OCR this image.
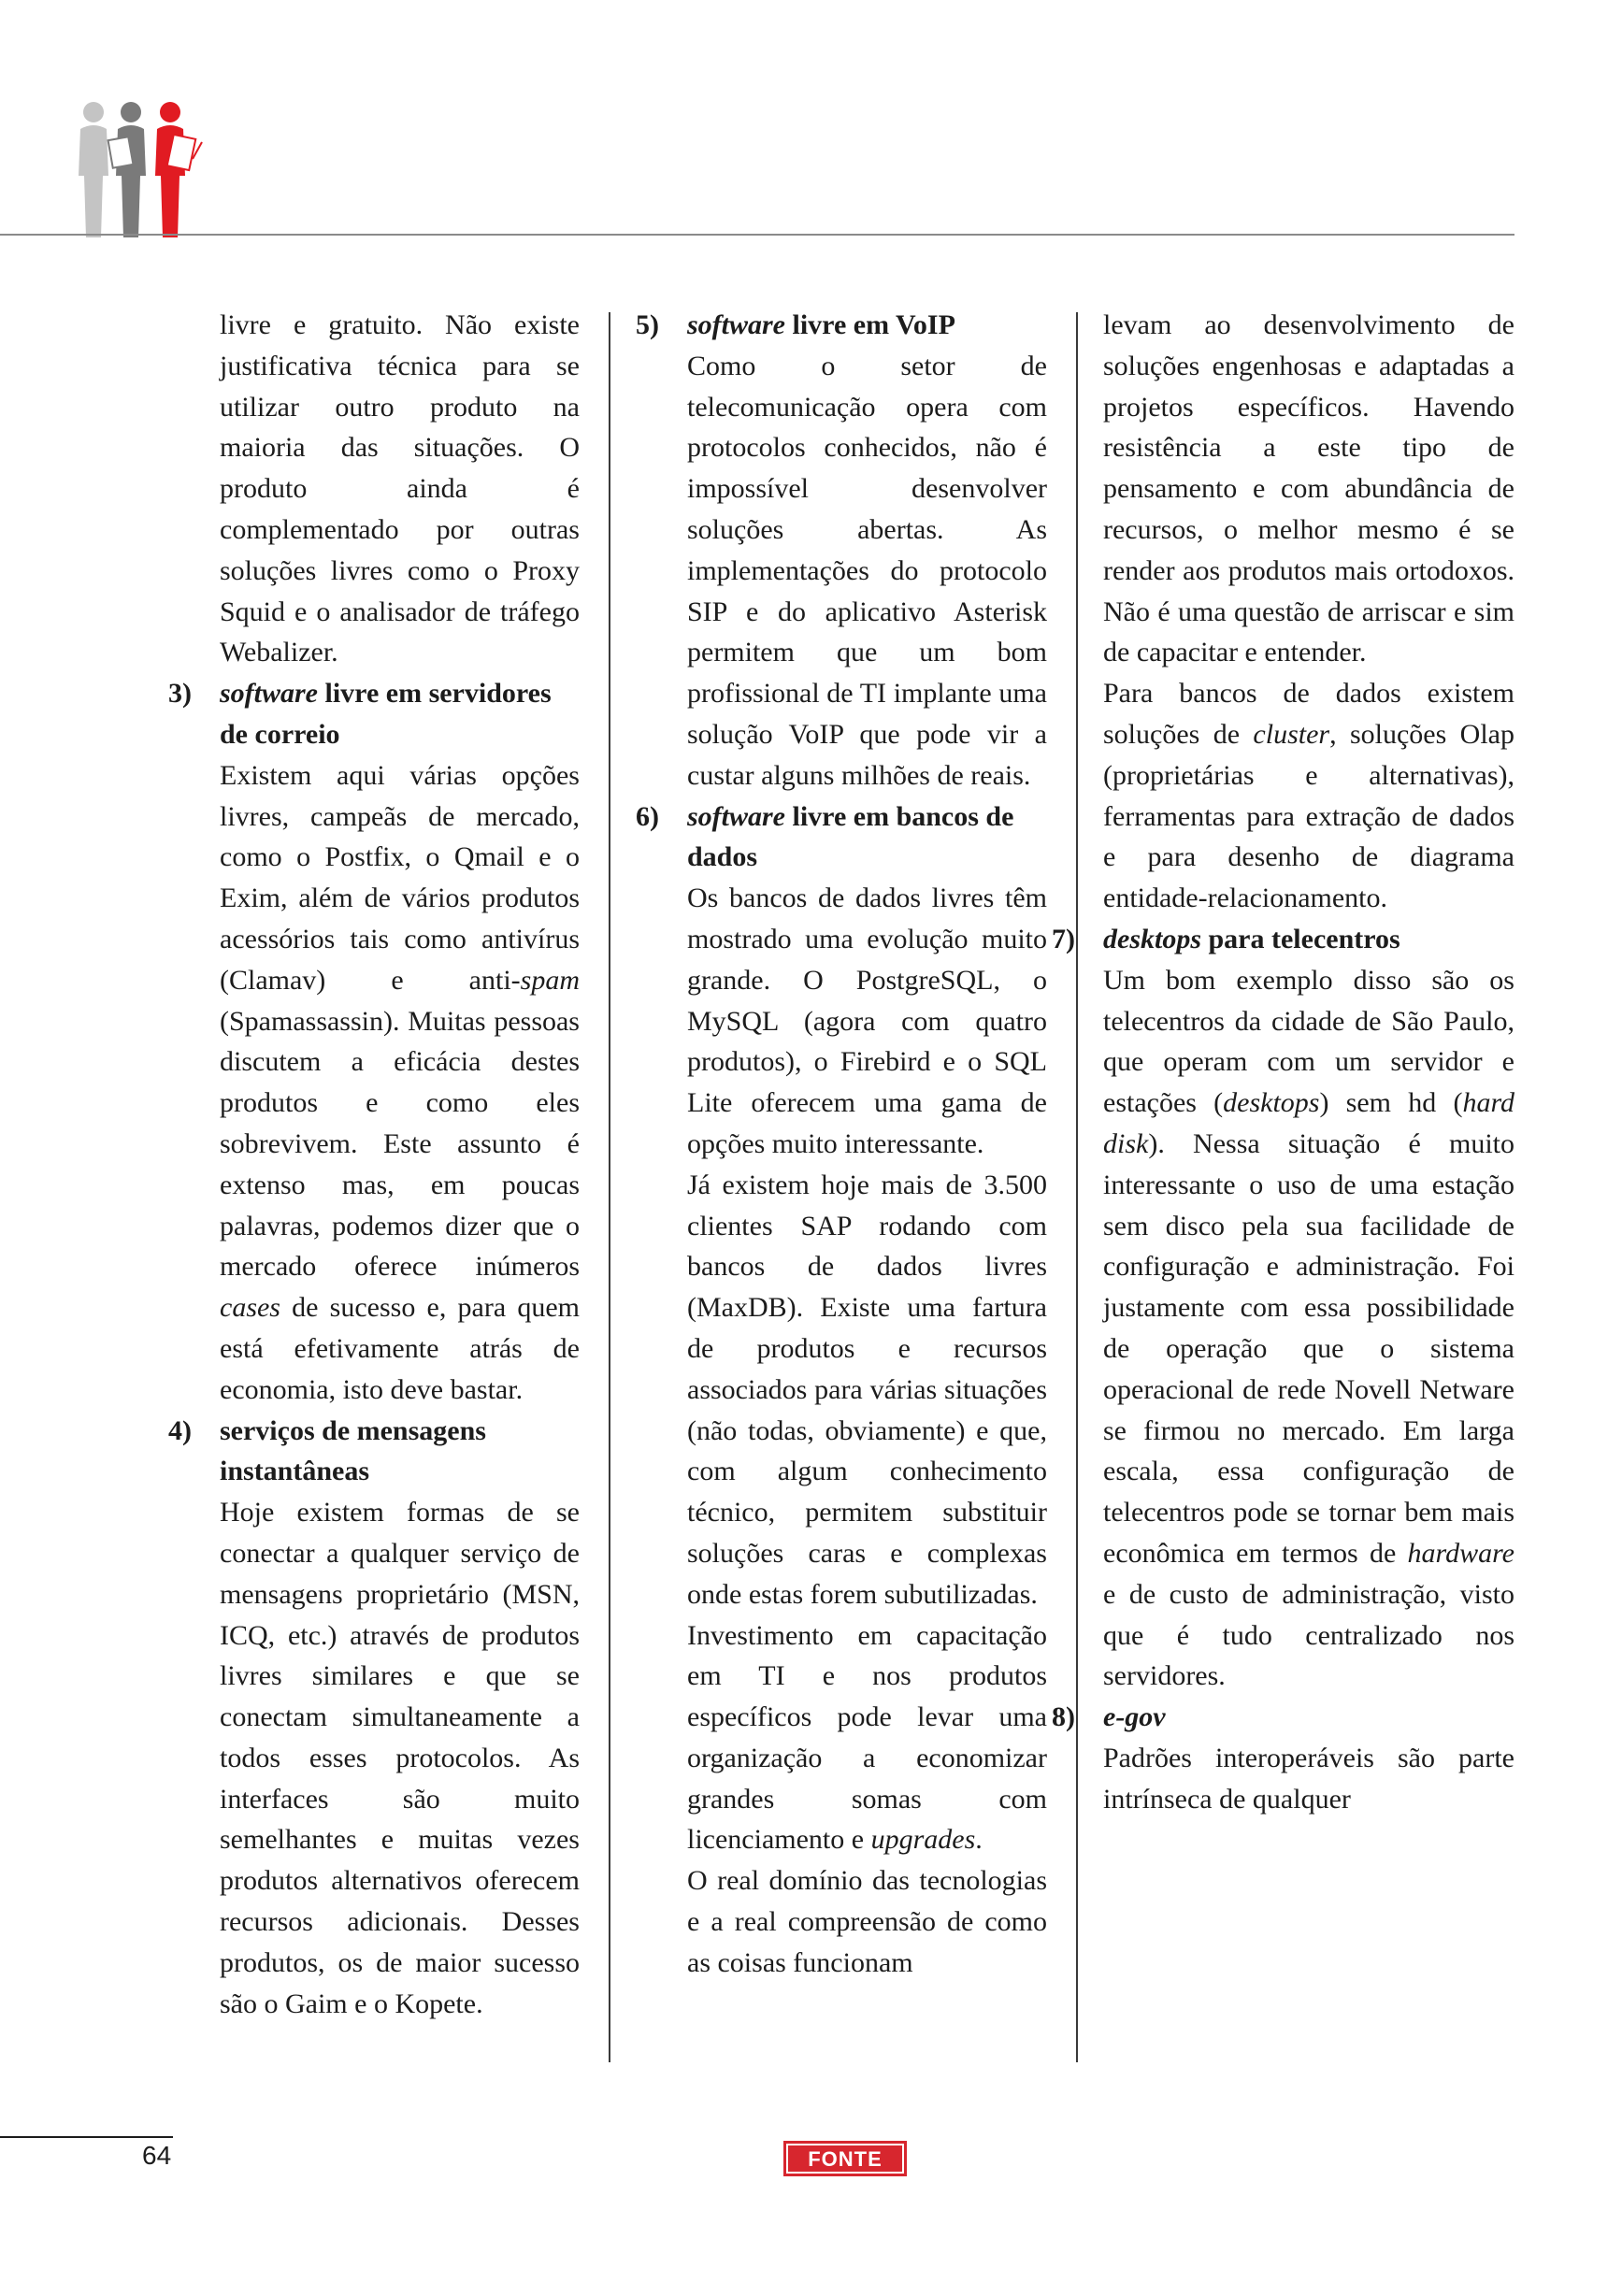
livre e gratuito. Não existe justificativa técnica para se utilizar outro produto na maioria das situações. O produto ainda é complementado por outras soluções livres como o Proxy Squid e o analisador de tráfego Webalizer.

3) software livre em servidores de correio

Existem aqui várias opções livres, campeãs de mercado, como o Postfix, o Qmail e o Exim, além de vários produtos acessórios tais como antivírus (Clamav) e anti-spam (Spamassassin). Muitas pessoas discutem a eficácia destes produtos e como eles sobrevivem. Este assunto é extenso mas, em poucas palavras, podemos dizer que o mercado oferece inúmeros cases de sucesso e, para quem está efetivamente atrás de economia, isto deve bastar.

4) serviços de mensagens instantâneas

Hoje existem formas de se conectar a qualquer serviço de mensagens proprietário (MSN, ICQ, etc.) através de produtos livres similares e que se conectam simultaneamente a todos esses protocolos. As interfaces são muito semelhantes e muitas vezes produtos alternativos oferecem recursos adicionais. Desses produtos, os de maior sucesso são o Gaim e o Kopete.

5) software livre em VoIP

Como o setor de telecomunicação opera com protocolos conhecidos, não é impossível desenvolver soluções abertas. As implementações do protocolo SIP e do aplicativo Asterisk permitem que um bom profissional de TI implante uma solução VoIP que pode vir a custar alguns milhões de reais.

6) software livre em bancos de dados

Os bancos de dados livres têm mostrado uma evolução muito grande. O PostgreSQL, o MySQL (agora com quatro produtos), o Firebird e o SQL Lite oferecem uma gama de opções muito interessante.

Já existem hoje mais de 3.500 clientes SAP rodando com bancos de dados livres (MaxDB). Existe uma fartura de produtos e recursos associados para várias situações (não todas, obviamente) e que, com algum conhecimento técnico, permitem substituir soluções caras e complexas onde estas forem subutilizadas.

Investimento em capacitação em TI e nos produtos específicos pode levar uma organização a economizar grandes somas com licenciamento e upgrades.

O real domínio das tecnologias e a real compreensão de como as coisas funcionam

levam ao desenvolvimento de soluções engenhosas e adaptadas a projetos específicos. Havendo resistência a este tipo de pensamento e com abundância de recursos, o melhor mesmo é se render aos produtos mais ortodoxos. Não é uma questão de arriscar e sim de capacitar e entender.

Para bancos de dados existem soluções de cluster, soluções Olap (proprietárias e alternativas), ferramentas para extração de dados e para desenho de diagrama entidade-relacionamento.

7) desktops para telecentros

Um bom exemplo disso são os telecentros da cidade de São Paulo, que operam com um servidor e estações (desktops) sem hd (hard disk). Nessa situação é muito interessante o uso de uma estação sem disco pela sua facilidade de configuração e administração. Foi justamente com essa possibilidade de operação que o sistema operacional de rede Novell Netware se firmou no mercado. Em larga escala, essa configuração de telecentros pode se tornar bem mais econômica em termos de hardware e de custo de administração, visto que é tudo centralizado nos servidores.

8) e-gov

Padrões interoperáveis são parte intrínseca de qualquer

64	FONTE
